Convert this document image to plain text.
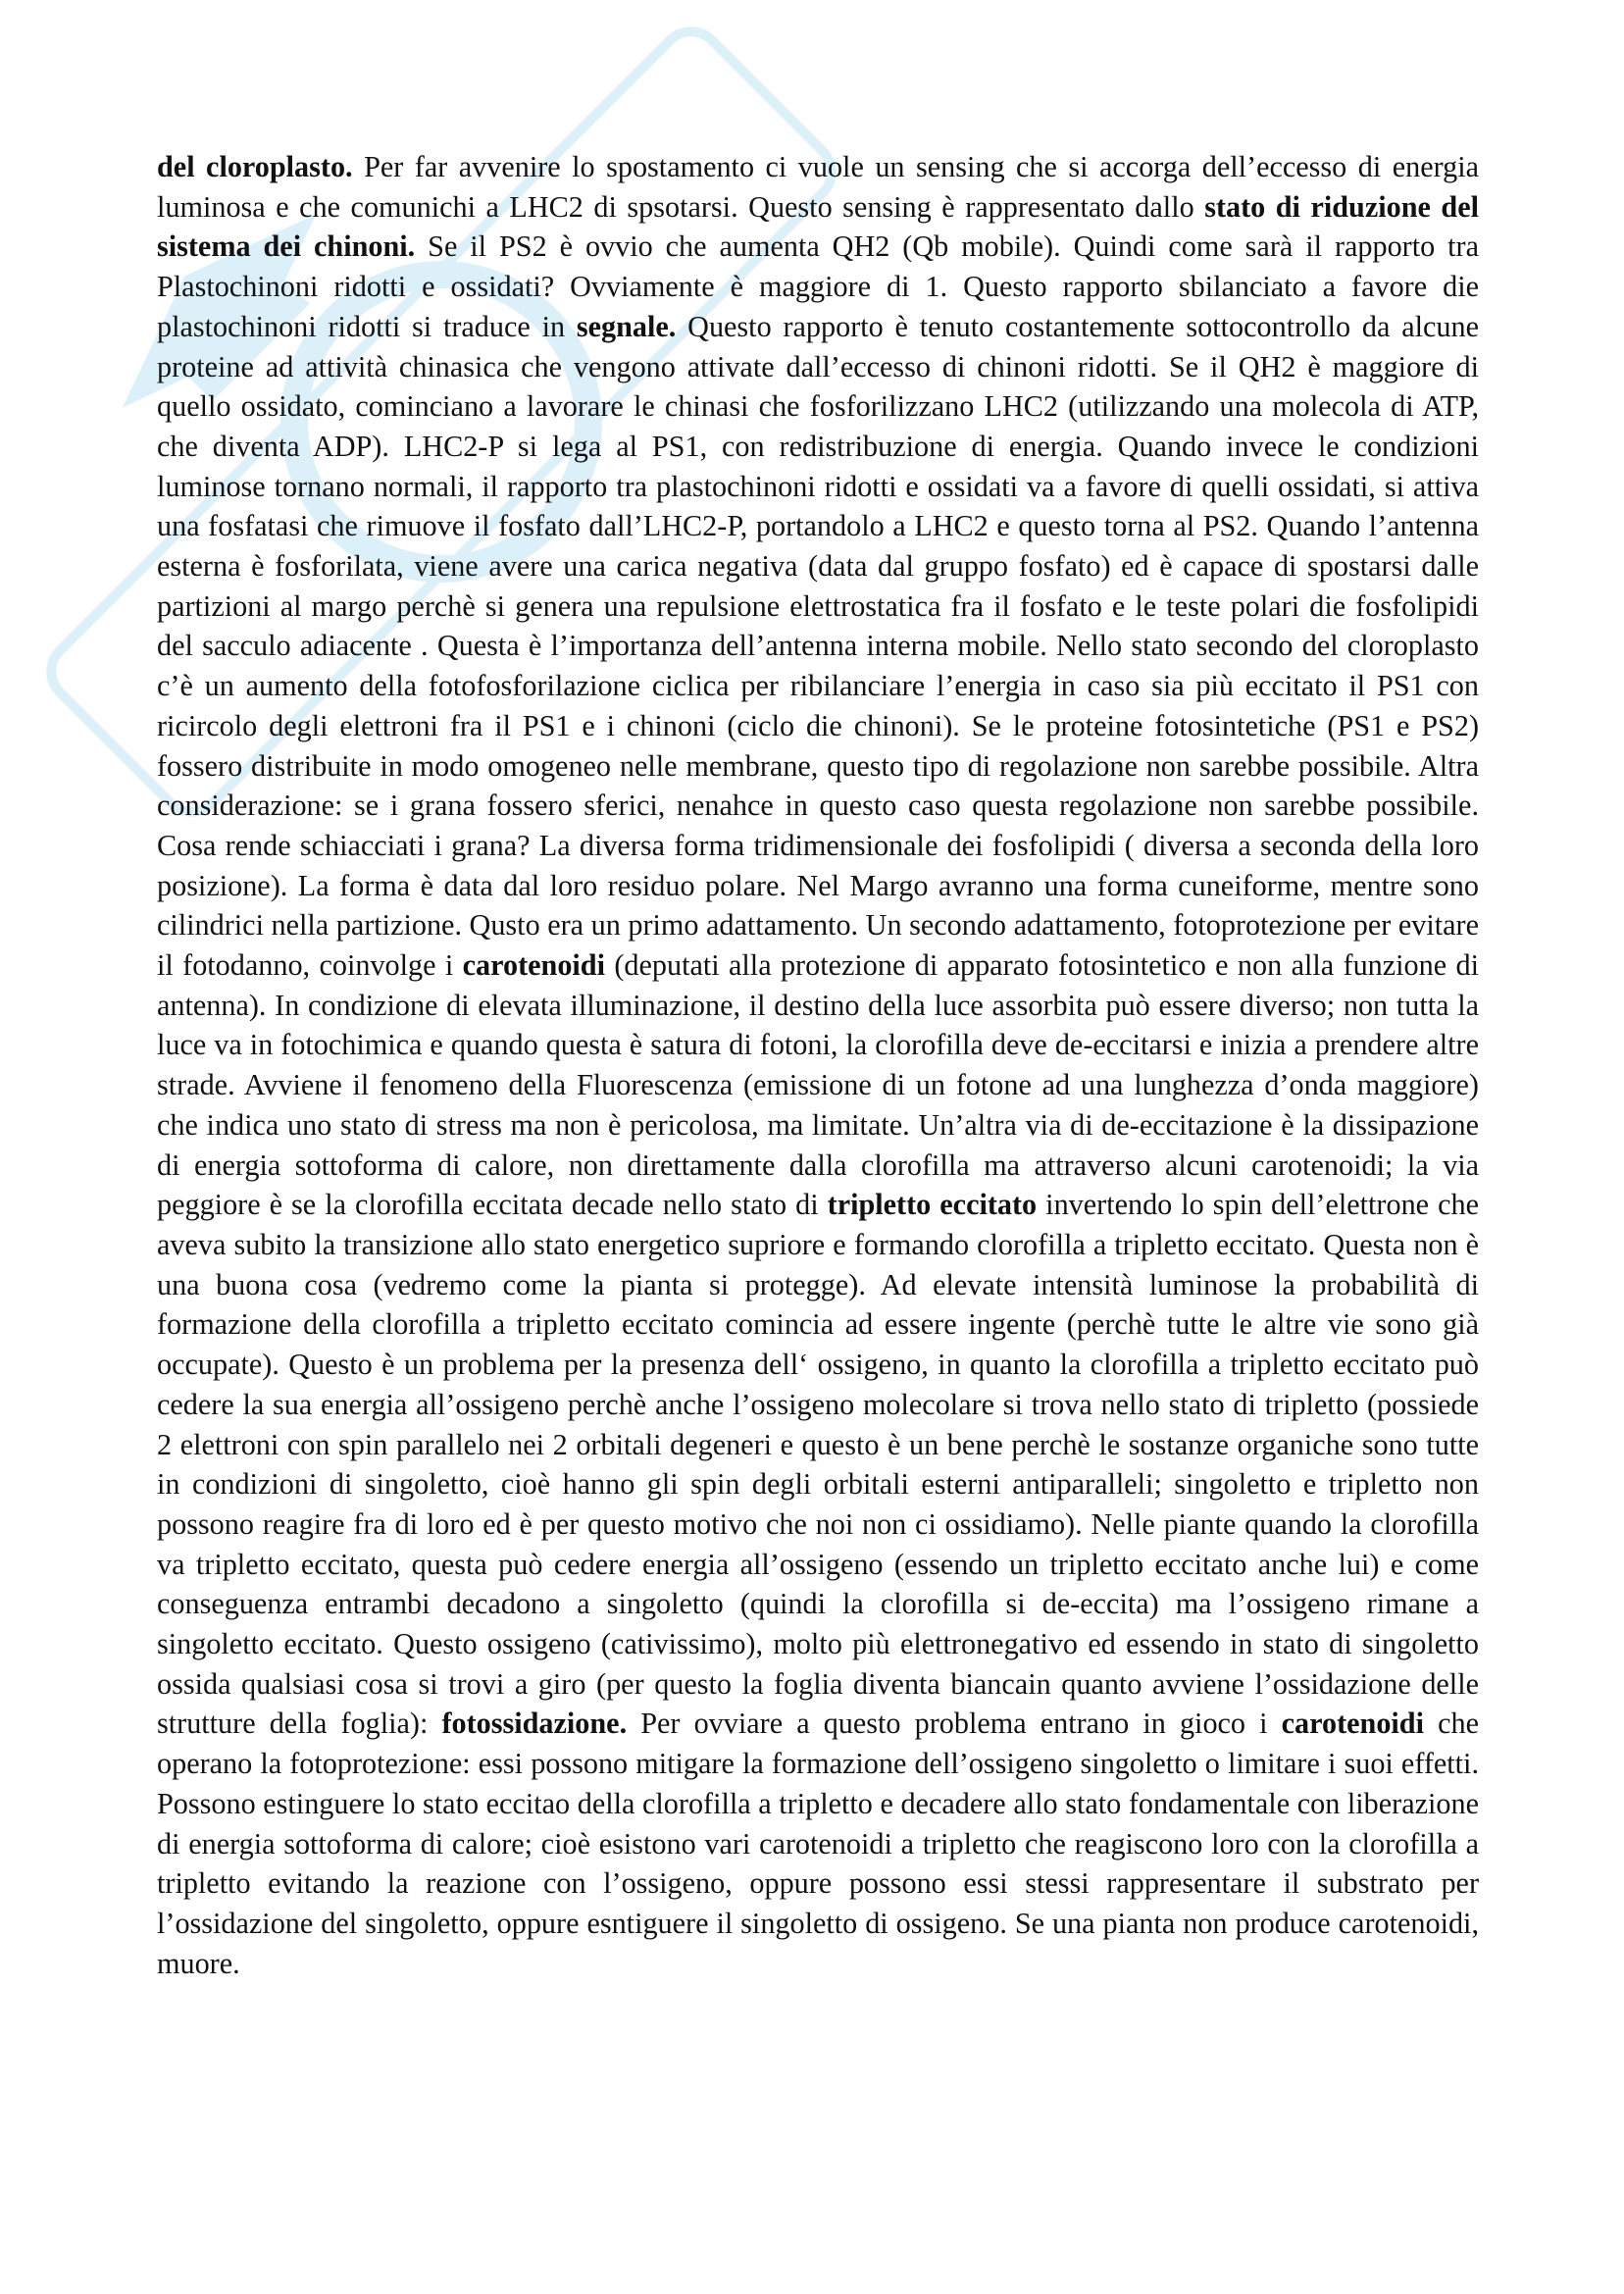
del cloroplasto. Per far avvenire lo spostamento ci vuole un sensing che si accorga dell’eccesso di energia luminosa e che comunichi a LHC2 di spsotarsi. Questo sensing è rappresentato dallo stato di riduzione del sistema dei chinoni. Se il PS2 è ovvio che aumenta QH2 (Qb mobile). Quindi come sarà il rapporto tra Plastochinoni ridotti e ossidati? Ovviamente è maggiore di 1. Questo rapporto sbilanciato a favore die plastochinoni ridotti si traduce in segnale. Questo rapporto è tenuto costantemente sottocontrollo da alcune proteine ad attività chinasica che vengono attivate dall’eccesso di chinoni ridotti. Se il QH2 è maggiore di quello ossidato, cominciano a lavorare le chinasi che fosforilizzano LHC2 (utilizzando una molecola di ATP, che diventa ADP). LHC2-P si lega al PS1, con redistribuzione di energia. Quando invece le condizioni luminose tornano normali, il rapporto tra plastochinoni ridotti e ossidati va a favore di quelli ossidati, si attiva una fosfatasi che rimuove il fosfato dall’LHC2-P, portandolo a LHC2 e questo torna al PS2. Quando l’antenna esterna è fosforilata, viene avere una carica negativa (data dal gruppo fosfato) ed è capace di spostarsi dalle partizioni al margo perchè si genera una repulsione elettrostatica fra il fosfato e le teste polari die fosfolipidi del sacculo adiacente . Questa è l’importanza dell’antenna interna mobile. Nello stato secondo del cloroplasto c’è un aumento della fotofosforilazione ciclica per ribilanciare l’energia in caso sia più eccitato il PS1 con ricircolo degli elettroni fra il PS1 e i chinoni (ciclo die chinoni). Se le proteine fotosintetiche (PS1 e PS2) fossero distribuite in modo omogeneo nelle membrane, questo tipo di regolazione non sarebbe possibile. Altra considerazione: se i grana fossero sferici, nenahce in questo caso questa regolazione non sarebbe possibile. Cosa rende schiacciati i grana? La diversa forma tridimensionale dei fosfolipidi ( diversa a seconda della loro posizione). La forma è data dal loro residuo polare. Nel Margo avranno una forma cuneiforme, mentre sono cilindrici nella partizione. Qusto era un primo adattamento. Un secondo adattamento, fotoprotezione per evitare il fotodanno, coinvolge i carotenoidi (deputati alla protezione di apparato fotosintetico e non alla funzione di antenna). In condizione di elevata illuminazione, il destino della luce assorbita può essere diverso; non tutta la luce va in fotochimica e quando questa è satura di fotoni, la clorofilla deve de-eccitarsi e inizia a prendere altre strade. Avviene il fenomeno della Fluorescenza (emissione di un fotone ad una lunghezza d’onda maggiore) che indica uno stato di stress ma non è pericolosa, ma limitate. Un’altra via di de-eccitazione è la dissipazione di energia sottoforma di calore, non direttamente dalla clorofilla ma attraverso alcuni carotenoidi; la via peggiore è se la clorofilla eccitata decade nello stato di tripletto eccitato invertendo lo spin dell’elettrone che aveva subito la transizione allo stato energetico supriore e formando clorofilla a tripletto eccitato. Questa non è una buona cosa (vedremo come la pianta si protegge). Ad elevate intensità luminose la probabilità di formazione della clorofilla a tripletto eccitato comincia ad essere ingente (perchè tutte le altre vie sono già occupate). Questo è un problema per la presenza dell‘ ossigeno, in quanto la clorofilla a tripletto eccitato può cedere la sua energia all’ossigeno perchè anche l’ossigeno molecolare si trova nello stato di tripletto (possiede 2 elettroni con spin parallelo nei 2 orbitali degeneri e questo è un bene perchè le sostanze organiche sono tutte in condizioni di singoletto, cioè hanno gli spin degli orbitali esterni antiparalleli; singoletto e tripletto non possono reagire fra di loro ed è per questo motivo che noi non ci ossidiamo). Nelle piante quando la clorofilla va tripletto eccitato, questa può cedere energia all’ossigeno (essendo un tripletto eccitato anche lui) e come conseguenza entrambi decadono a singoletto (quindi la clorofilla si de-eccita) ma l’ossigeno rimane a singoletto eccitato. Questo ossigeno (cativissimo), molto più elettronegativo ed essendo in stato di singoletto ossida qualsiasi cosa si trovi a giro (per questo la foglia diventa biancain quanto avviene l’ossidazione delle strutture della foglia): fotossidazione. Per ovviare a questo problema entrano in gioco i carotenoidi che operano la fotoprotezione: essi possono mitigare la formazione dell’ossigeno singoletto o limitare i suoi effetti. Possono estinguere lo stato eccitao della clorofilla a tripletto e decadere allo stato fondamentale con liberazione di energia sottoforma di calore; cioè esistono vari carotenoidi a tripletto che reagiscono loro con la clorofilla a tripletto evitando la reazione con l’ossigeno, oppure possono essi stessi rappresentare il substrato per l’ossidazione del singoletto, oppure esntiguere il singoletto di ossigeno. Se una pianta non produce carotenoidi, muore.
